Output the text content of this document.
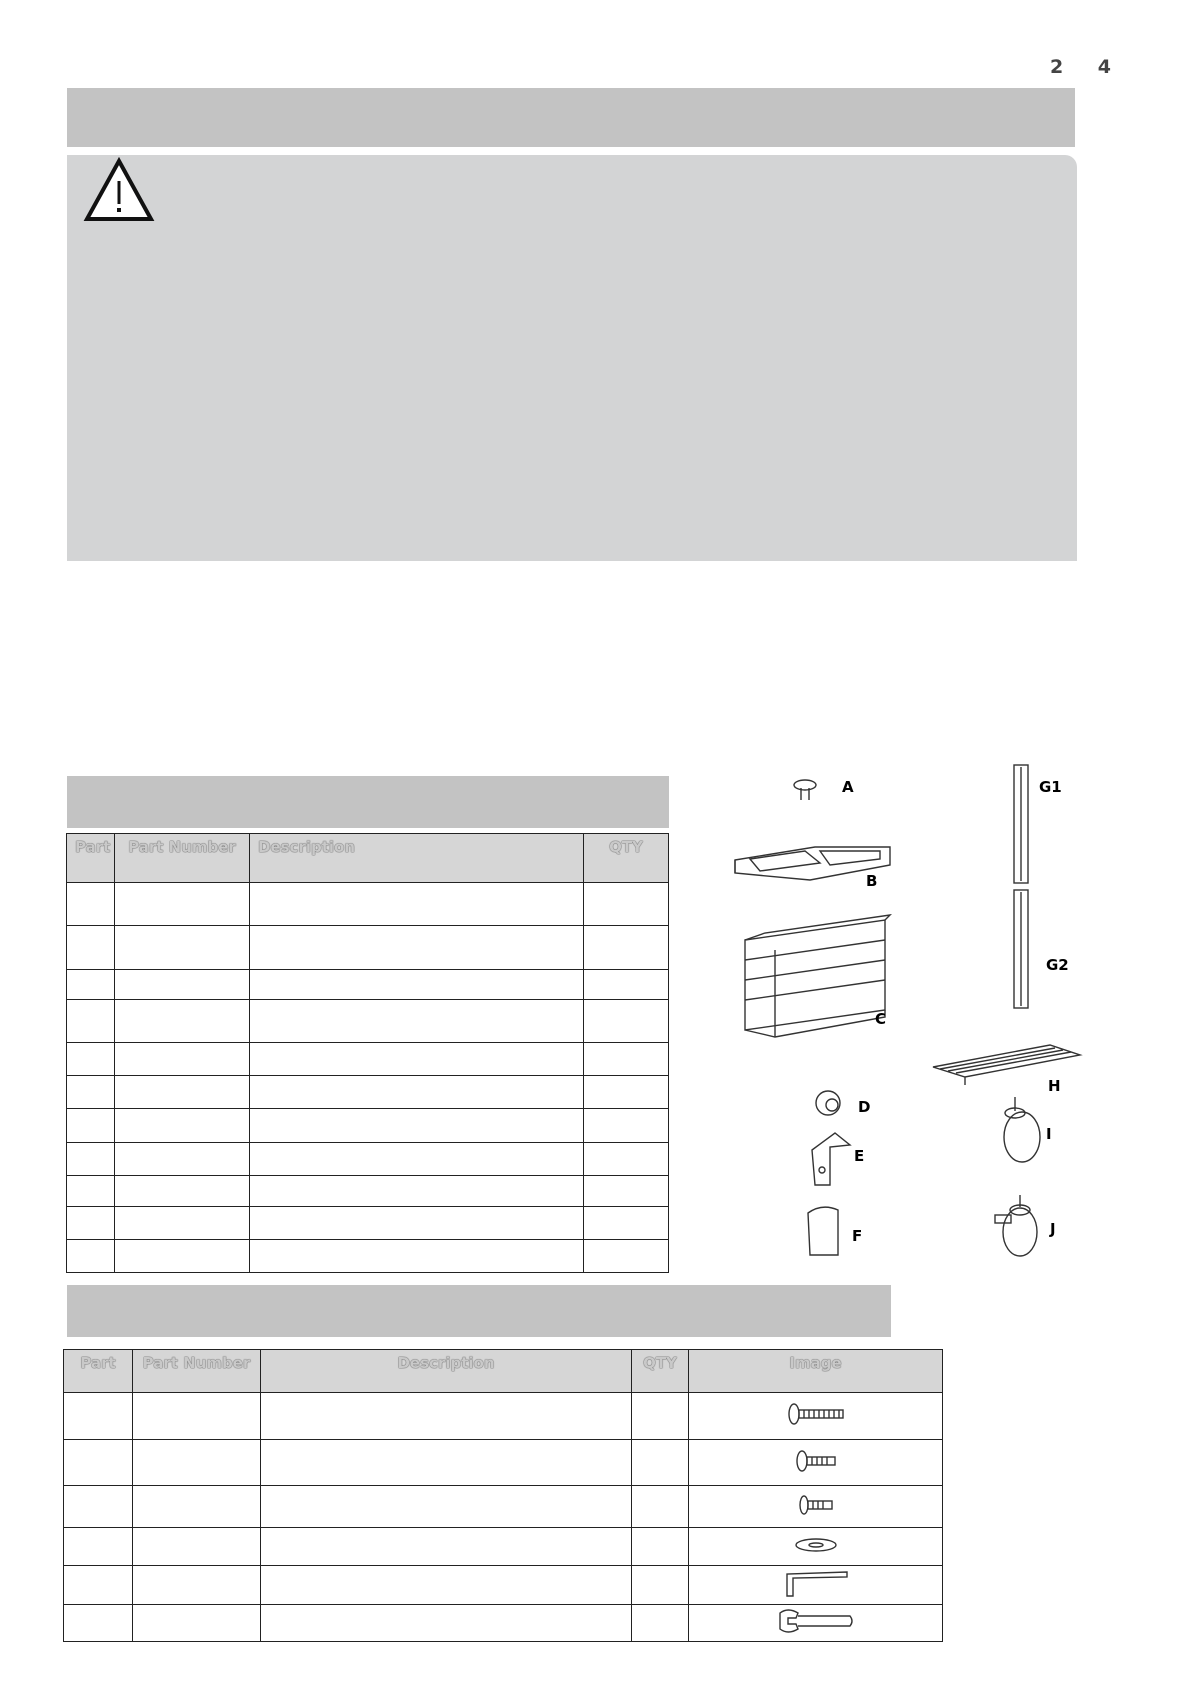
2 4
Part	Part Number	Description	QTY

A
B
C
D
E
F
G1
G2
H
I
J
Part	Part Number	Description	QTY	Image
